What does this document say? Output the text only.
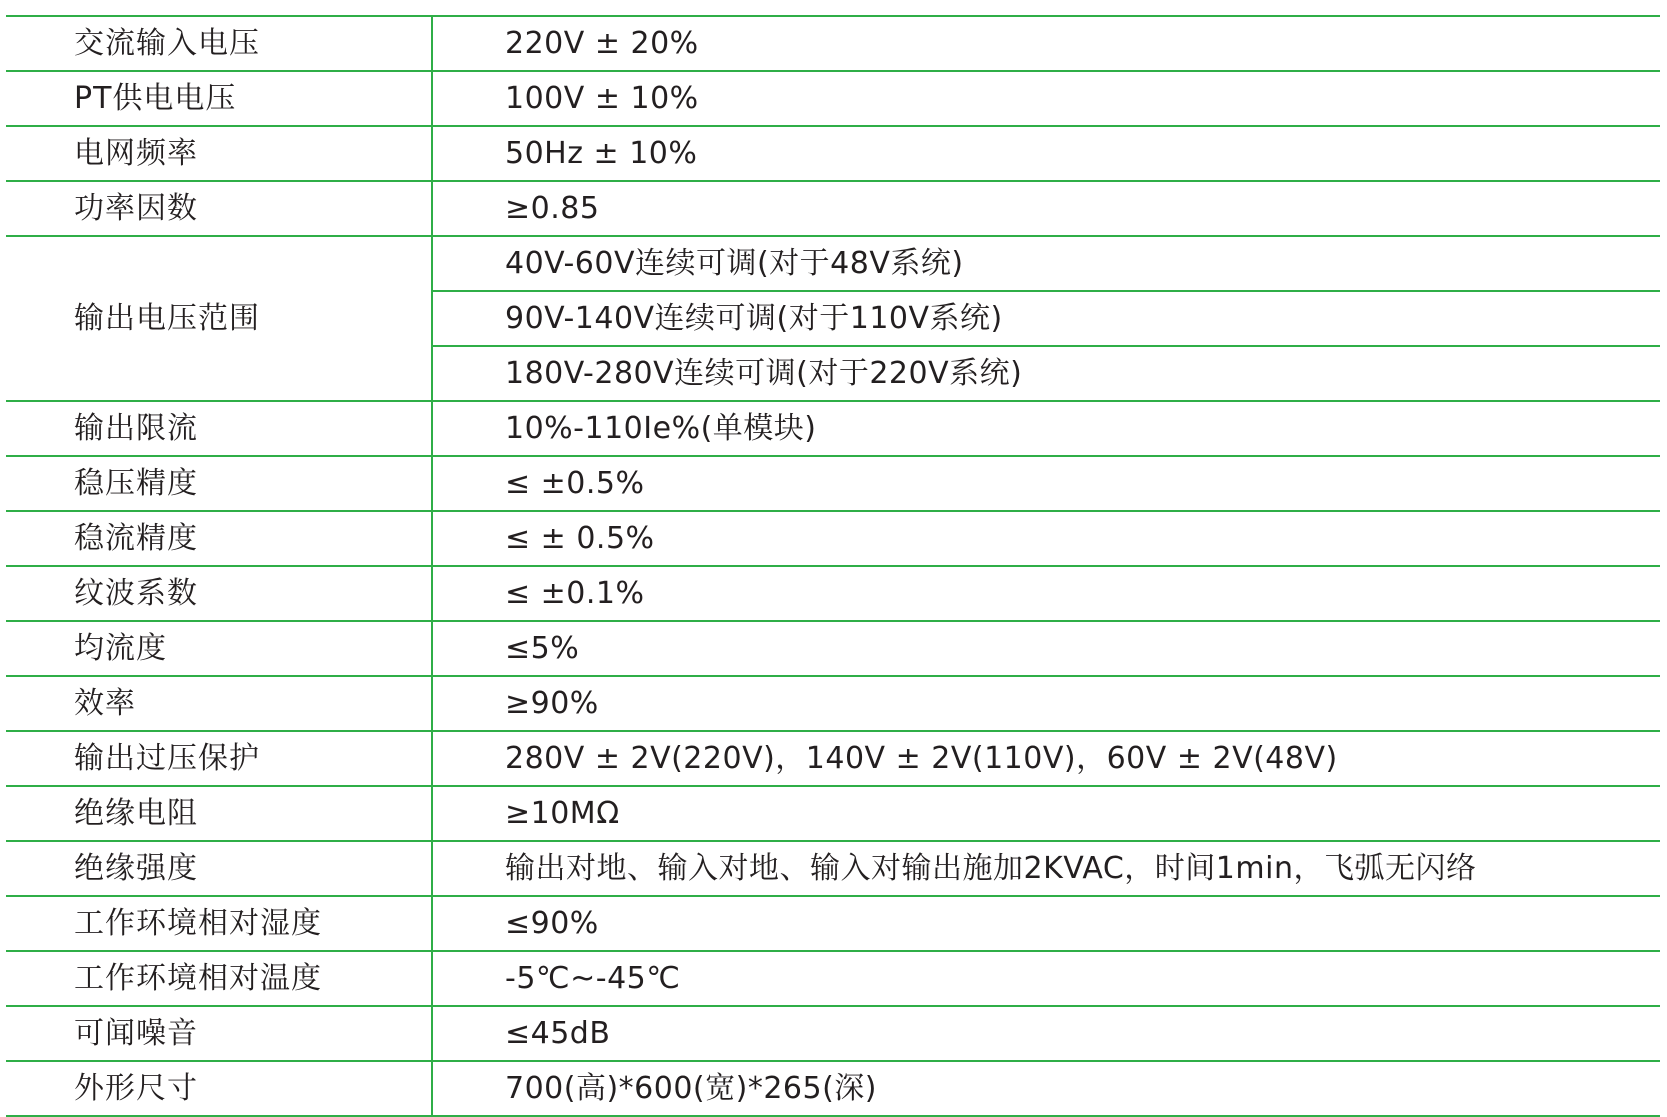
交流输入电压	220V ± 20%
PT供电电压	100V ± 10%
电网频率	50Hz ± 10%
功率因数	≥0.85
输出电压范围	40V-60V连续可调(对于48V系统)
	90V-140V连续可调(对于110V系统)
	180V-280V连续可调(对于220V系统)
输出限流	10%-110Ie%(单模块)
稳压精度	≤ ±0.5%
稳流精度	≤ ± 0.5%
纹波系数	≤ ±0.1%
均流度	≤5%
效率	≥90%
输出过压保护	280V ± 2V(220V)，140V ± 2V(110V)，60V ± 2V(48V)
绝缘电阻	≥10MΩ
绝缘强度	输出对地、输入对地、输入对输出施加2KVAC，时间1min，飞弧无闪络
工作环境相对湿度	≤90%
工作环境相对温度	-5℃~-45℃
可闻噪音	≤45dB
外形尺寸	700(高)*600(宽)*265(深)
